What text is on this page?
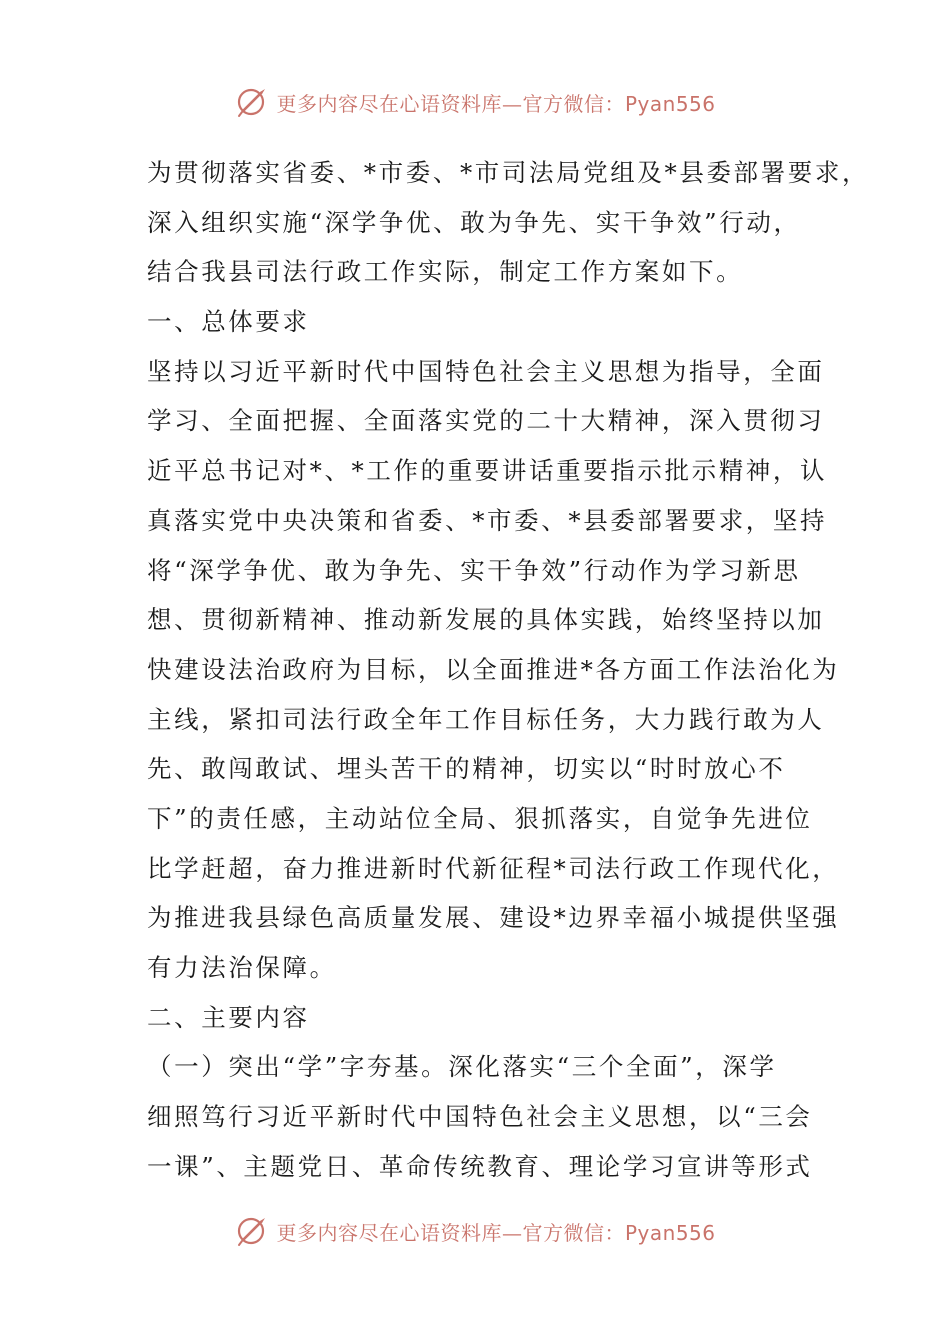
更多内容尽在心语资料库—官方微信：Pyan556
为贯彻落实省委、*市委、*市司法局党组及*县委部署要求，
深入组织实施“深学争优、敢为争先、实干争效”行动，
结合我县司法行政工作实际，制定工作方案如下。
一、总体要求
坚持以习近平新时代中国特色社会主义思想为指导，全面
学习、全面把握、全面落实党的二十大精神，深入贯彻习
近平总书记对*、*工作的重要讲话重要指示批示精神，认
真落实党中央决策和省委、*市委、*县委部署要求，坚持
将“深学争优、敢为争先、实干争效”行动作为学习新思
想、贯彻新精神、推动新发展的具体实践，始终坚持以加
快建设法治政府为目标，以全面推进*各方面工作法治化为
主线，紧扣司法行政全年工作目标任务，大力践行敢为人
先、敢闯敢试、埋头苦干的精神，切实以“时时放心不
下”的责任感，主动站位全局、狠抓落实，自觉争先进位
比学赶超，奋力推进新时代新征程*司法行政工作现代化，
为推进我县绿色高质量发展、建设*边界幸福小城提供坚强
有力法治保障。
二、主要内容
（一）突出“学”字夯基。深化落实“三个全面”，深学
细照笃行习近平新时代中国特色社会主义思想，以“三会
一课”、主题党日、革命传统教育、理论学习宣讲等形式
更多内容尽在心语资料库—官方微信：Pyan556
